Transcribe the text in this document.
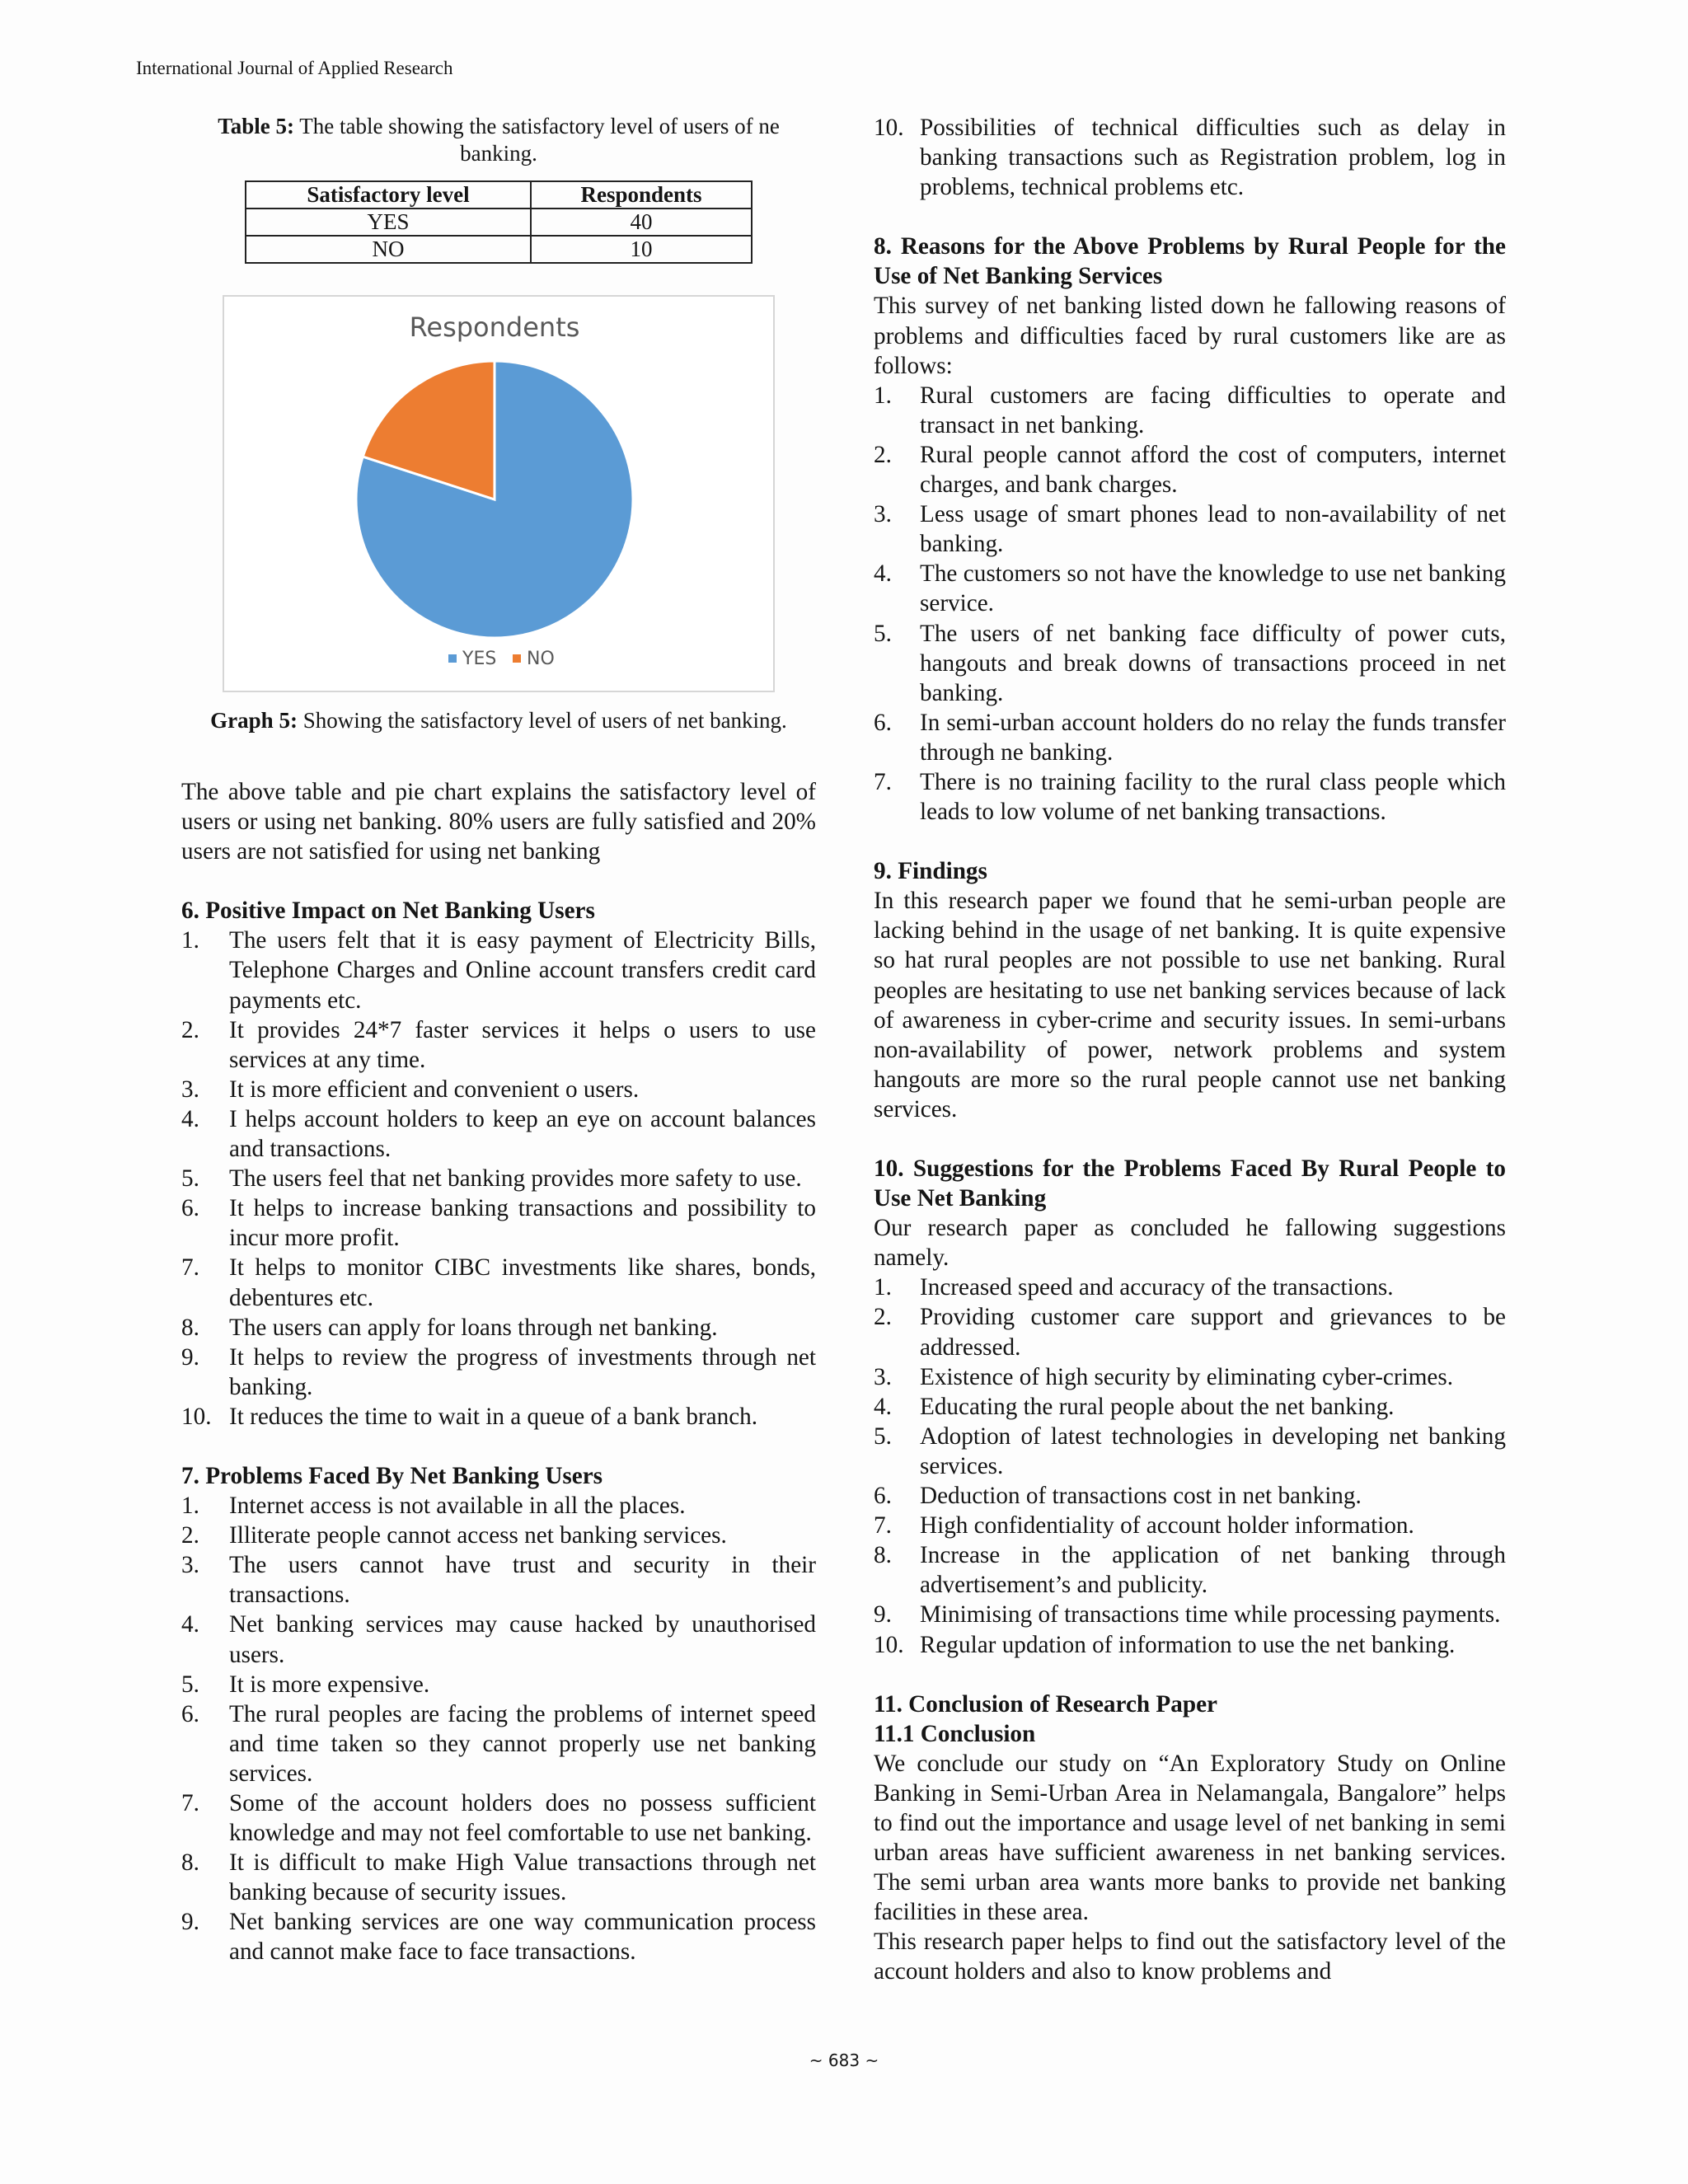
International Journal of Applied Research
Table 5: The table showing the satisfactory level of users of ne banking.
Satisfactory level	Respondents
YES	40
NO	10
Respondents
YES NO
Graph 5: Showing the satisfactory level of users of net banking.

The above table and pie chart explains the satisfactory level of users or using net banking. 80% users are fully satisfied and 20% users are not satisfied for using net banking

6. Positive Impact on Net Banking Users
1. The users felt that it is easy payment of Electricity Bills, Telephone Charges and Online account transfers credit card payments etc.
2. It provides 24*7 faster services it helps o users to use services at any time.
3. It is more efficient and convenient o users.
4. I helps account holders to keep an eye on account balances and transactions.
5. The users feel that net banking provides more safety to use.
6. It helps to increase banking transactions and possibility to incur more profit.
7. It helps to monitor CIBC investments like shares, bonds, debentures etc.
8. The users can apply for loans through net banking.
9. It helps to review the progress of investments through net banking.
10. It reduces the time to wait in a queue of a bank branch.
7. Problems Faced By Net Banking Users
1. Internet access is not available in all the places.
2. Illiterate people cannot access net banking services.
3. The users cannot have trust and security in their transactions.
4. Net banking services may cause hacked by unauthorised users.
5. It is more expensive.
6. The rural peoples are facing the problems of internet speed and time taken so they cannot properly use net banking services.
7. Some of the account holders does no possess sufficient knowledge and may not feel comfortable to use net banking.
8. It is difficult to make High Value transactions through net banking because of security issues.
9. Net banking services are one way communication process and cannot make face to face transactions.
10. Possibilities of technical difficulties such as delay in banking transactions such as Registration problem, log in problems, technical problems etc.
8. Reasons for the Above Problems by Rural People for the Use of Net Banking Services

This survey of net banking listed down he fallowing reasons of problems and difficulties faced by rural customers like are as follows:

1. Rural customers are facing difficulties to operate and transact in net banking.
2. Rural people cannot afford the cost of computers, internet charges, and bank charges.
3. Less usage of smart phones lead to non-availability of net banking.
4. The customers so not have the knowledge to use net banking service.
5. The users of net banking face difficulty of power cuts, hangouts and break downs of transactions proceed in net banking.
6. In semi-urban account holders do no relay the funds transfer through ne banking.
7. There is no training facility to the rural class people which leads to low volume of net banking transactions.
9. Findings

In this research paper we found that he semi-urban people are lacking behind in the usage of net banking. It is quite expensive so hat rural peoples are not possible to use net banking. Rural peoples are hesitating to use net banking services because of lack of awareness in cyber-crime and security issues. In semi-urbans non-availability of power, network problems and system hangouts are more so the rural people cannot use net banking services.

10. Suggestions for the Problems Faced By Rural People to Use Net Banking

Our research paper as concluded he fallowing suggestions namely.

1. Increased speed and accuracy of the transactions.
2. Providing customer care support and grievances to be addressed.
3. Existence of high security by eliminating cyber-crimes.
4. Educating the rural people about the net banking.
5. Adoption of latest technologies in developing net banking services.
6. Deduction of transactions cost in net banking.
7. High confidentiality of account holder information.
8. Increase in the application of net banking through advertisement’s and publicity.
9. Minimising of transactions time while processing payments.
10. Regular updation of information to use the net banking.
11. Conclusion of Research Paper
11.1 Conclusion

We conclude our study on “An Exploratory Study on Online Banking in Semi-Urban Area in Nelamangala, Bangalore” helps to find out the importance and usage level of net banking in semi urban areas have sufficient awareness in net banking services. The semi urban area wants more banks to provide net banking facilities in these area.

This research paper helps to find out the satisfactory level of the account holders and also to know problems and

~ 683 ~
